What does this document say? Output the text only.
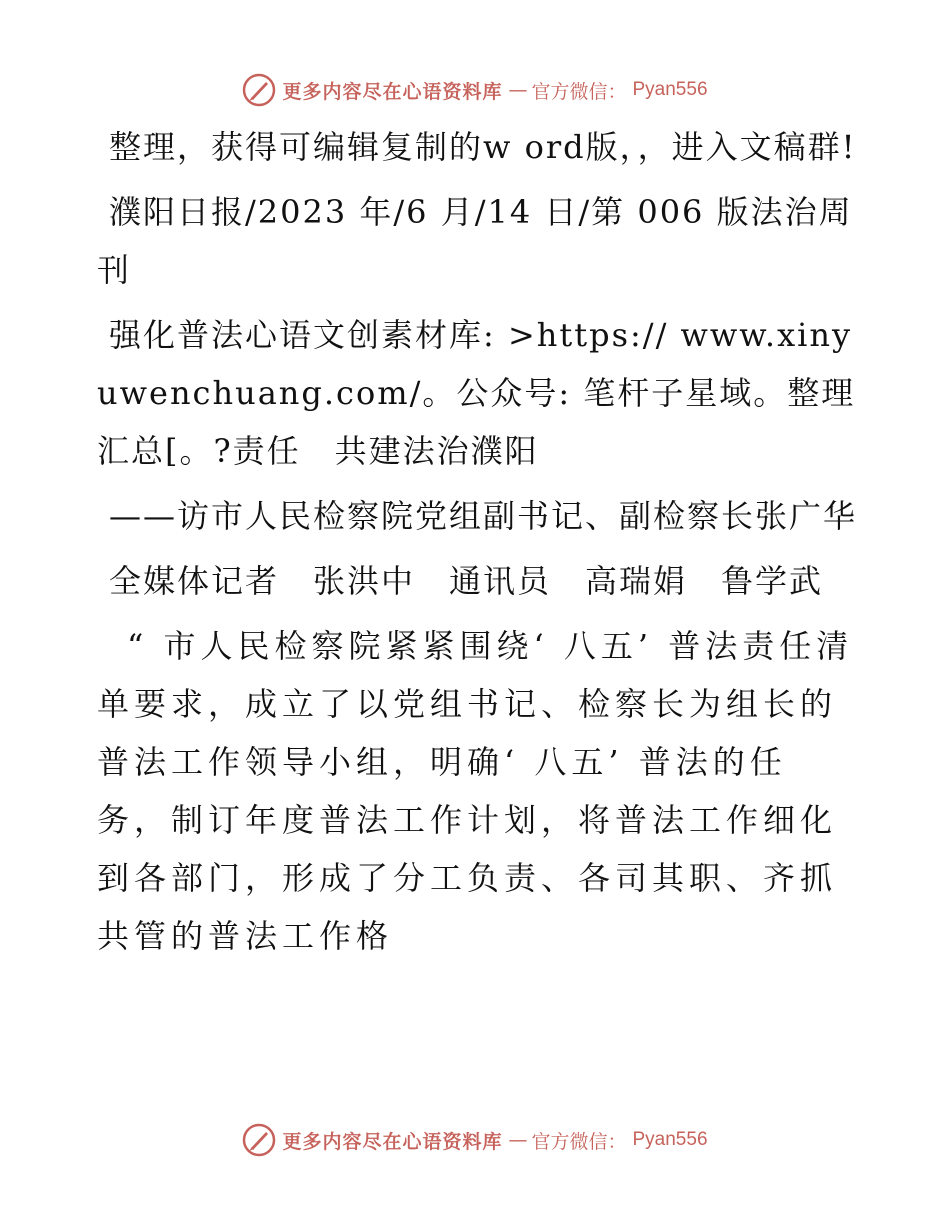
更多内容尽在心语资料库 — 官方微信： Pyan556

整理，获得可编辑复制的w ord版，，进入文稿群!

濮阳日报/2023 年/6 月/14 日/第 006 版法治周刊

强化普法心语文创素材库: >https:// www.xinyuwenchuang.com/。公众号: 笔杆子星域。整理汇总[。?责任　共建法治濮阳

——访市人民检察院党组副书记、副检察长张广华

全媒体记者　张洪中　通讯员　高瑞娟　鲁学武

“ 市人民检察院紧紧围绕‘ 八五’ 普法责任清单要求，成立了以党组书记、检察长为组长的普法工作领导小组，明确‘ 八五’ 普法的任务，制订年度普法工作计划，将普法工作细化到各部门，形成了分工负责、各司其职、齐抓共管的普法工作格

更多内容尽在心语资料库 — 官方微信： Pyan556
